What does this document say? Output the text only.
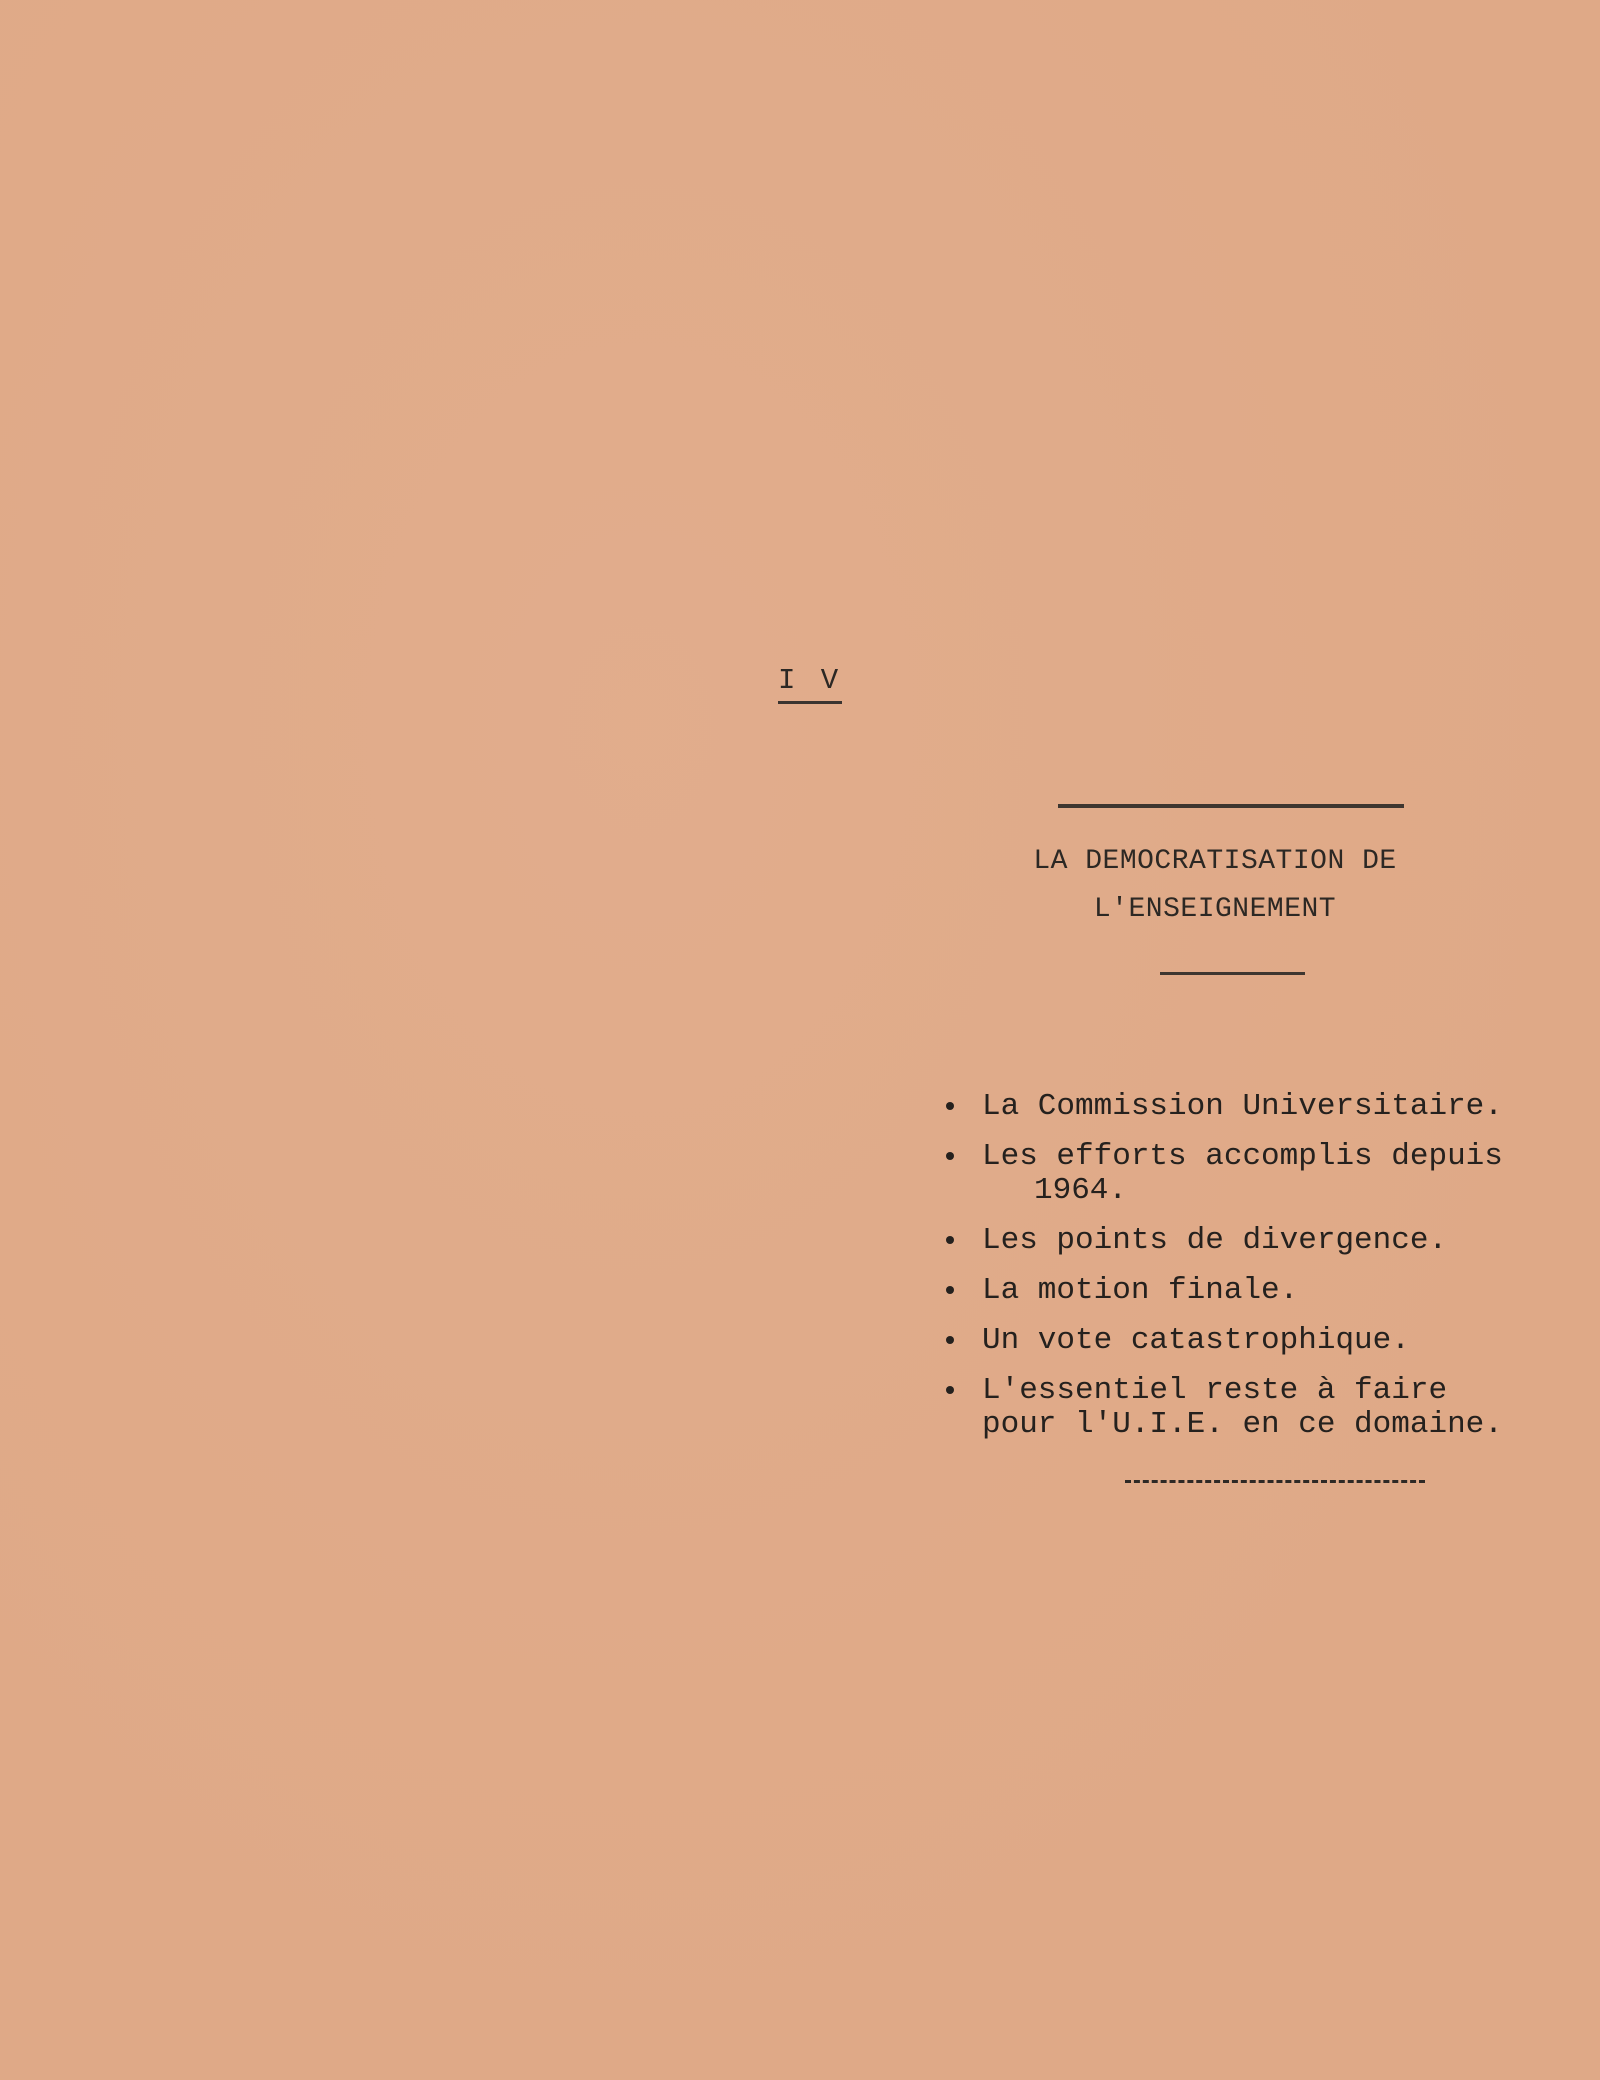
I V
LA DEMOCRATISATION DE
L'ENSEIGNEMENT
La Commission Universitaire.
Les efforts accomplis depuis
1964.
Les points de divergence.
La motion finale.
Un vote catastrophique.
L'essentiel reste à faire
pour l'U.I.E. en ce domaine.
